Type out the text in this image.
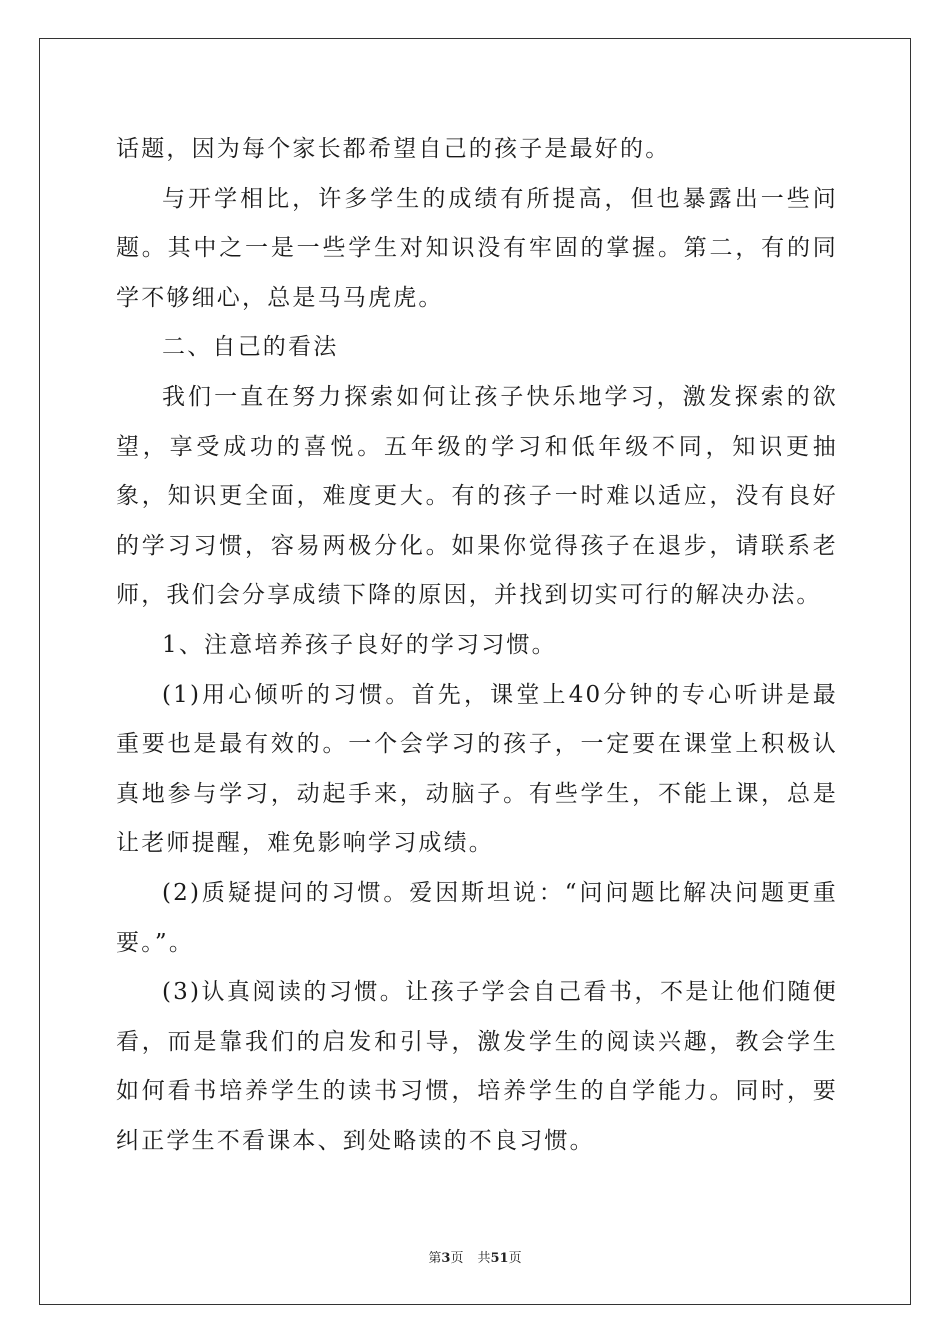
话题，因为每个家长都希望自己的孩子是最好的。

与开学相比，许多学生的成绩有所提高，但也暴露出一些问题。其中之一是一些学生对知识没有牢固的掌握。第二，有的同学不够细心，总是马马虎虎。

二、自己的看法

我们一直在努力探索如何让孩子快乐地学习，激发探索的欲望，享受成功的喜悦。五年级的学习和低年级不同，知识更抽象，知识更全面，难度更大。有的孩子一时难以适应，没有良好的学习习惯，容易两极分化。如果你觉得孩子在退步，请联系老师，我们会分享成绩下降的原因，并找到切实可行的解决办法。

1、注意培养孩子良好的学习习惯。

(1)用心倾听的习惯。首先，课堂上40分钟的专心听讲是最重要也是最有效的。一个会学习的孩子，一定要在课堂上积极认真地参与学习，动起手来，动脑子。有些学生，不能上课，总是让老师提醒，难免影响学习成绩。

(2)质疑提问的习惯。爱因斯坦说：“问问题比解决问题更重要。”。

(3)认真阅读的习惯。让孩子学会自己看书，不是让他们随便看，而是靠我们的启发和引导，激发学生的阅读兴趣，教会学生如何看书培养学生的读书习惯，培养学生的自学能力。同时，要纠正学生不看课本、到处略读的不良习惯。

第3页 共51页
